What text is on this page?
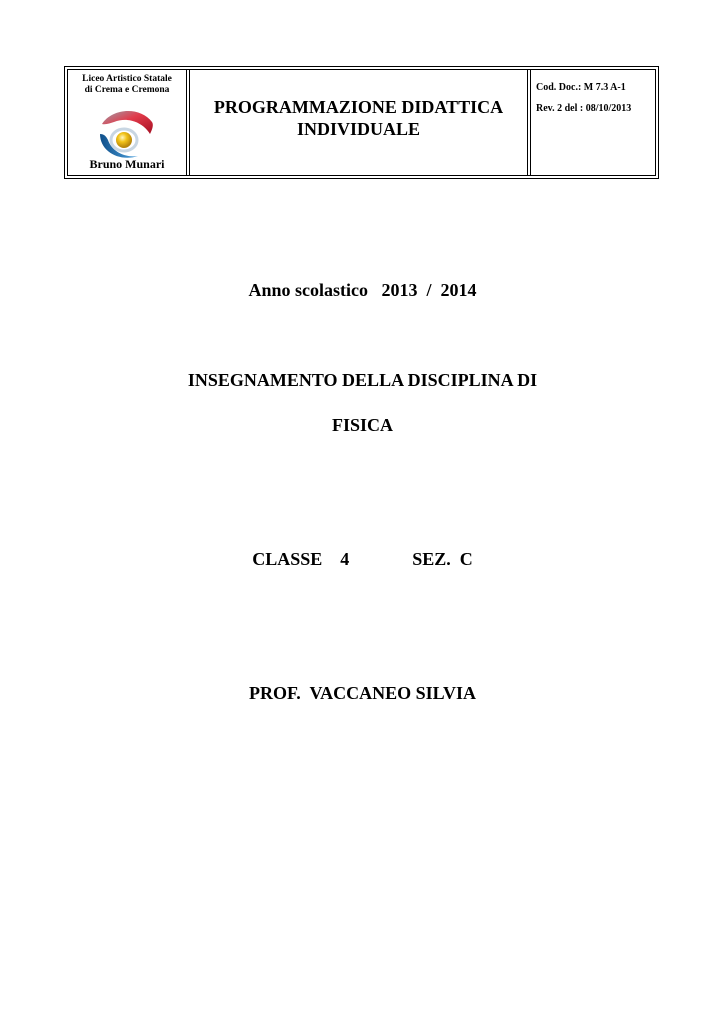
Liceo Artistico Statale
di Crema e Cremona
Bruno Munari
PROGRAMMAZIONE DIDATTICA
INDIVIDUALE
Cod. Doc.: M 7.3 A-1
Rev. 2 del : 08/10/2013
Anno scolastico 2013 / 2014
INSEGNAMENTO DELLA DISCIPLINA DI
FISICA
CLASSE 4	SEZ. C
PROF. VACCANEO SILVIA
